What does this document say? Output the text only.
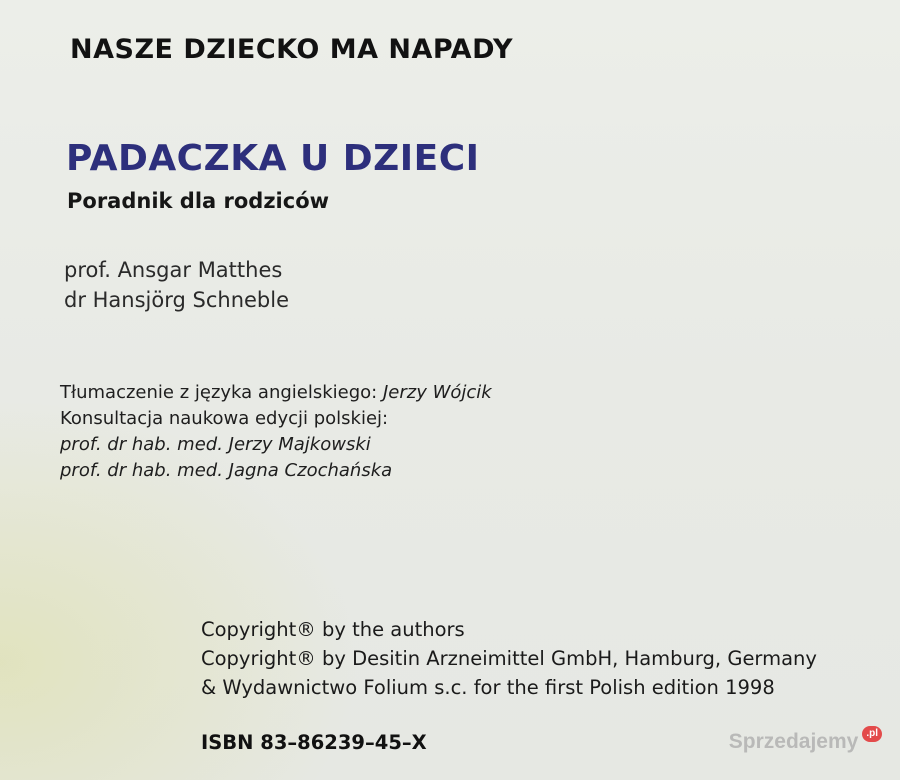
NASZE DZIECKO MA NAPADY
PADACZKA U DZIECI
Poradnik dla rodziców
prof. Ansgar Matthes
dr Hansjörg Schneble
Tłumaczenie z języka angielskiego: Jerzy Wójcik
Konsultacja naukowa edycji polskiej:
prof. dr hab. med. Jerzy Majkowski
prof. dr hab. med. Jagna Czochańska
Copyright® by the authors
Copyright® by Desitin Arzneimittel GmbH, Hamburg, Germany
& Wydawnictwo Folium s.c. for the first Polish edition 1998
ISBN 83–86239–45–X	Sprzedajemy .pl
